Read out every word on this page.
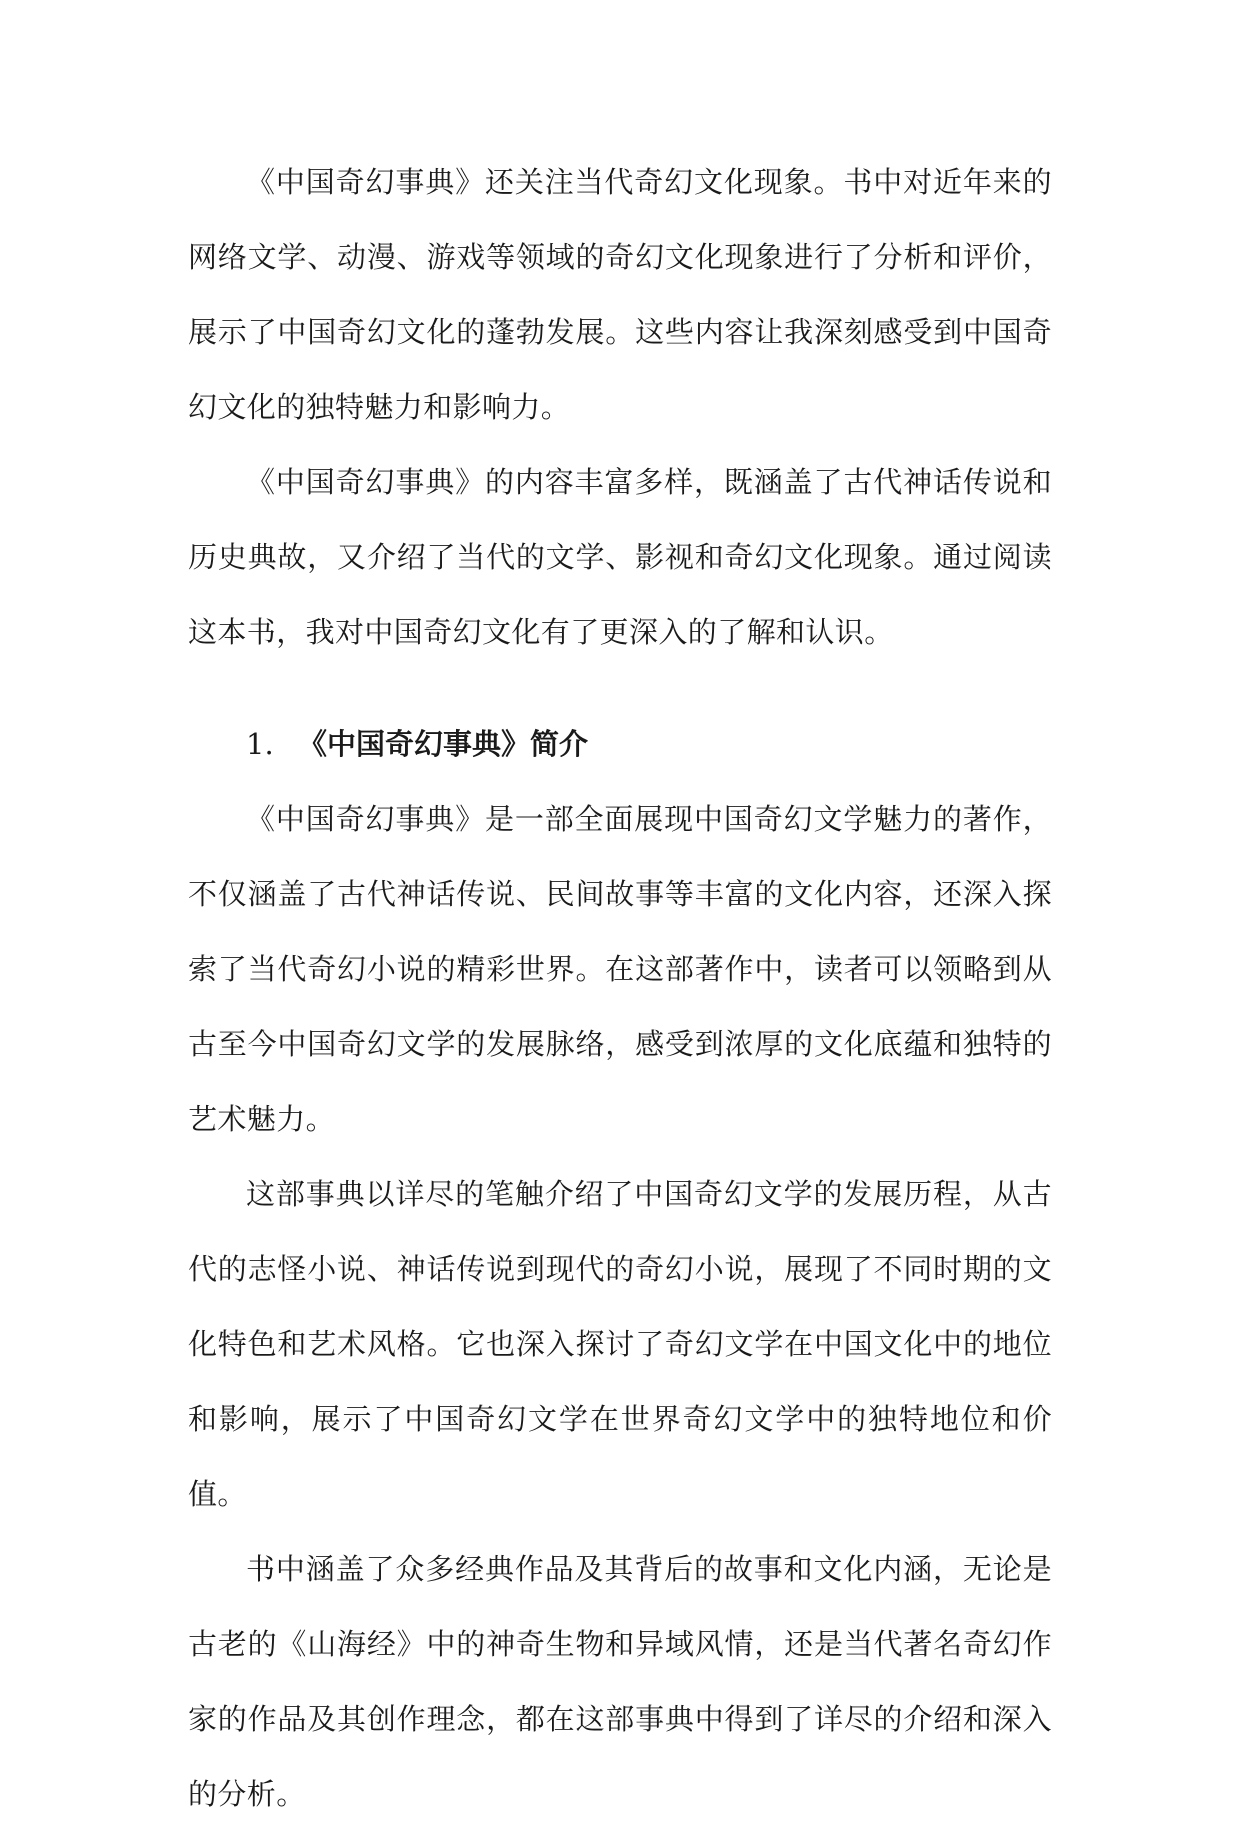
《中国奇幻事典》还关注当代奇幻文化现象。书中对近年来的网络文学、动漫、游戏等领域的奇幻文化现象进行了分析和评价，展示了中国奇幻文化的蓬勃发展。这些内容让我深刻感受到中国奇幻文化的独特魅力和影响力。

《中国奇幻事典》的内容丰富多样，既涵盖了古代神话传说和历史典故，又介绍了当代的文学、影视和奇幻文化现象。通过阅读这本书，我对中国奇幻文化有了更深入的了解和认识。

1. 《中国奇幻事典》简介

《中国奇幻事典》是一部全面展现中国奇幻文学魅力的著作，不仅涵盖了古代神话传说、民间故事等丰富的文化内容，还深入探索了当代奇幻小说的精彩世界。在这部著作中，读者可以领略到从古至今中国奇幻文学的发展脉络，感受到浓厚的文化底蕴和独特的艺术魅力。

这部事典以详尽的笔触介绍了中国奇幻文学的发展历程，从古代的志怪小说、神话传说到现代的奇幻小说，展现了不同时期的文化特色和艺术风格。它也深入探讨了奇幻文学在中国文化中的地位和影响，展示了中国奇幻文学在世界奇幻文学中的独特地位和价值。

书中涵盖了众多经典作品及其背后的故事和文化内涵，无论是古老的《山海经》中的神奇生物和异域风情，还是当代著名奇幻作家的作品及其创作理念，都在这部事典中得到了详尽的介绍和深入的分析。
